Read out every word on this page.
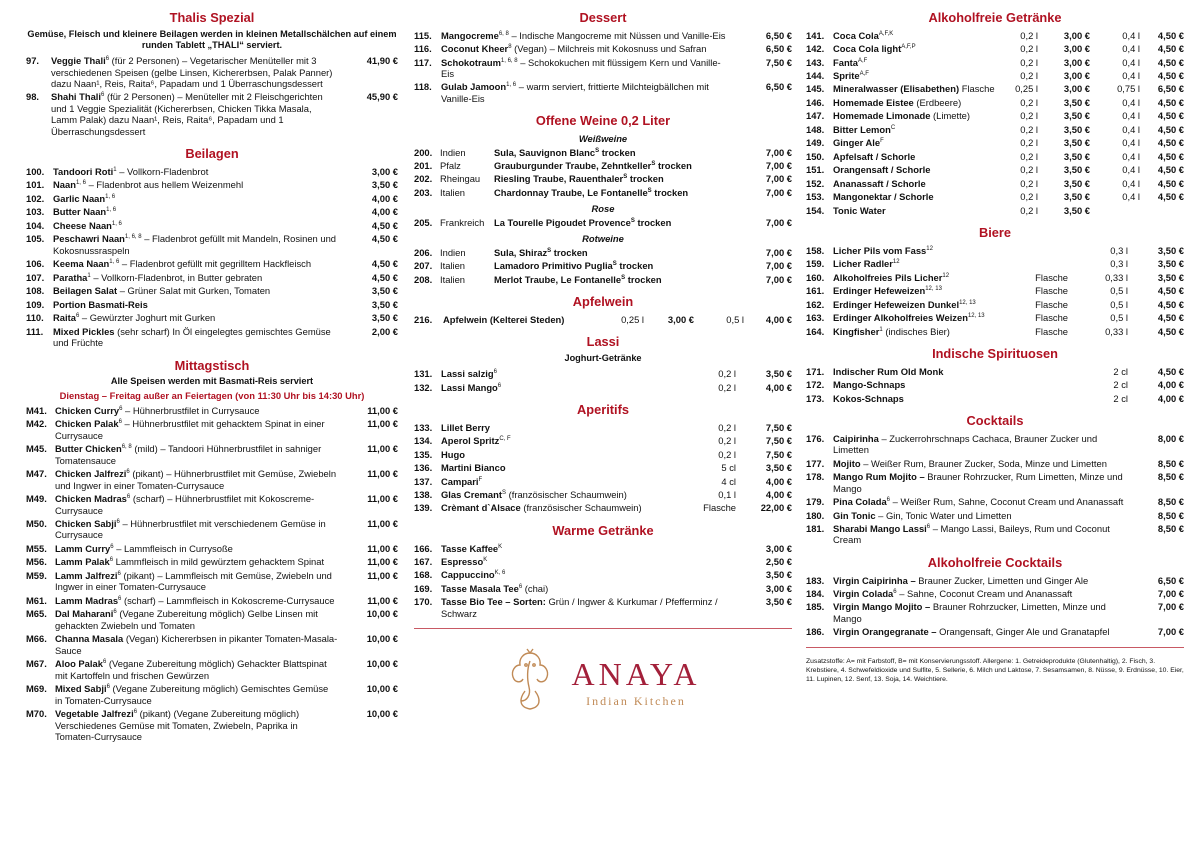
Thalis Spezial
Gemüse, Fleisch und kleinere Beilagen werden in kleinen Metallschälchen auf einem runden Tablett „THALI“ serviert.
97.	Veggie Thali$^6$ (für 2 Personen) – Vegetarischer Menüteller mit 3 verschiedenen Speisen (gelbe Linsen, Kichererbsen, Palak Panner) dazu Naan¹, Reis, Raita⁶, Papadam und 1 Überraschungsdessert
41,90 €
98.	Shahi Thali$^6$ (für 2 Personen) – Menüteller mit 2 Fleischgerichten und 1 Veggie Spezialität (Kichererbsen, Chicken Tikka Masala, Lamm Palak) dazu Naan¹, Reis, Raita⁶, Papadam und 1 Überraschungsdessert
45,90 €
Beilagen
100. Tandoori Roti$^1$ – Vollkorn-Fladenbrot	3,00 €
101. Naan$^{1, 6}$ – Fladenbrot aus hellem Weizenmehl	3,50 €
102. Garlic Naan$^{1, 6}$	4,00 €
103. Butter Naan$^{1, 6}$	4,00 €
104. Cheese Naan$^{1, 6}$	4,50 €
105. Peschawri Naan$^{1, 6, 8}$ – Fladenbrot gefüllt mit Mandeln, Rosinen und Kokosnussraspeln
4,50 €
106. Keema Naan$^{1, 6}$ – Fladenbrot gefüllt mit gegrilltem Hackfleisch	4,50 €
107. Paratha$^1$ – Vollkorn-Fladenbrot, in Butter gebraten	4,50 €
108. Beilagen Salat – Grüner Salat mit Gurken, Tomaten	3,50 €
109. Portion Basmati-Reis	3,50 €
110. Raita$^6$ – Gewürzter Joghurt mit Gurken	3,50 €
111.	Mixed Pickles (sehr scharf) In Öl eingelegtes gemischtes Gemüse und Früchte
2,00 €
Mittagstisch
Alle Speisen werden mit Basmati-Reis serviert
Dienstag – Freitag außer an Feiertagen (von 11:30 Uhr bis 14:30 Uhr)
M41. Chicken Curry$^6$ – Hühnerbrustfilet in Currysauce	11,00 €
M42. Chicken Palak$^6$ – Hühnerbrustfilet mit gehacktem Spinat in einer Currysauce
11,00 €
M45. Butter Chicken$^{6, 8}$ (mild) – Tandoori Hühnerbrustfilet in sahniger Tomatensauce
11,00 €
M47. Chicken Jalfrezi$^6$ (pikant) – Hühnerbrustfilet mit Gemüse, Zwiebeln und Ingwer in einer Tomaten-Currysauce
11,00 €
M49. Chicken Madras$^6$ (scharf) – Hühnerbrustfilet mit Kokoscreme-Currysauce
11,00 €
M50. Chicken Sabji$^6$ – Hühnerbrustfilet mit verschiedenem Gemüse in Currysauce
11,00 €
M55. Lamm Curry$^6$ – Lammfleisch in Currysoße	11,00 €
M56. Lamm Palak$^6$ Lammfleisch in mild gewürztem gehacktem Spinat	11,00 €
M59. Lamm Jalfrezi$^6$ (pikant) – Lammfleisch mit Gemüse, Zwiebeln und Ingwer in einer Tomaten-Currysauce
11,00 €
M61. Lamm Madras$^6$ (scharf) – Lammfleisch in Kokoscreme-Currysauce	11,00 €
M65. Dal Maharani$^6$ (Vegane Zubereitung möglich) Gelbe Linsen mit gehackten Zwiebeln und Tomaten
10,00 €
M66. Channa Masala (Vegan) Kichererbsen in pikanter Tomaten-Masala-Sauce
10,00 €
M67. Aloo Palak$^6$ (Vegane Zubereitung möglich) Gehackter Blattspinat mit Kartoffeln und frischen Gewürzen
10,00 €
M69. Mixed Sabji$^6$ (Vegane Zubereitung möglich) Gemischtes Gemüse in Tomaten-Currysauce
10,00 €
M70. Vegetable Jalfrezi$^6$ (pikant) (Vegane Zubereitung möglich) Verschiedenes Gemüse mit Tomaten, Zwiebeln, Paprika in Tomaten-Currysauce
10,00 €
Dessert
115. Mangocreme$^{6, 8}$ – Indische Mangocreme mit Nüssen und Vanille-Eis	6,50 €
116. Coconut Kheer$^8$ (Vegan) – Milchreis mit Kokosnuss und Safran	6,50 €
117. Schokotraum$^{1, 6, 8}$ – Schokokuchen mit flüssigem Kern und Vanille-Eis
7,50 €
118. Gulab Jamoon$^{1, 6}$ – warm serviert, frittierte Milchteigbällchen mit Vanille-Eis
6,50 €
Offene Weine 0,2 Liter
Weißweine
200. Indien	Sula, Sauvignon Blanc$^S$ trocken	7,00 €
201. Pfalz	Grauburgunder Traube, Zehntkeller$^S$ trocken	7,00 €
202. Rheingau	Riesling Traube, Rauenthaler$^S$ trocken	7,00 €
203. Italien	Chardonnay Traube, Le Fontanelle$^S$ trocken	7,00 €
Rose
205. Frankreich	La Tourelle Pigoudet Provence$^S$ trocken	7,00 €
Rotweine
206. Indien	Sula, Shiraz$^S$ trocken	7,00 €
207. Italien	Lamadoro Primitivo Puglia$^S$ trocken	7,00 €
208. Italien	Merlot Traube, Le Fontanelle$^S$ trocken	7,00 €
Apfelwein
216.	Apfelwein (Kelterei Steden)	0,25 l	3,00 €	0,5 l	4,00 €
Lassi
Joghurt-Getränke
131. Lassi salzig$^6$	0,2 l	3,50 €
132. Lassi Mango$^6$	0,2 l	4,00 €
Aperitifs
133. Lillet Berry	0,2 l	7,50 €
134. Aperol Spritz$^{C, F}$	0,2 l	7,50 €
135. Hugo	0,2 l	7,50 €
136. Martini Bianco	5 cl	3,50 €
137. Campari$^F$	4 cl	4,00 €
138. Glas Cremant$^S$ (französischer Schaumwein)	0,1 l	4,00 €
139. Crèmant d`Alsace (französischer Schaumwein)	Flasche	22,00 €
Warme Getränke
166. Tasse Kaffee$^K$	3,00 €
167. Espresso$^K$	2,50 €
168. Cappuccino$^{K, 6}$	3,50 €
169. Tasse Masala Tee$^6$ (chai)	3,00 €
170. Tasse Bio Tee – Sorten: Grün / Ingwer & Kurkumar / Pfefferminz / Schwarz
3,50 €
ANAYA
Indian Kitchen
Alkoholfreie Getränke
141. Coca Cola$^{A,F,K}$	0,2 l	3,00 €	0,4 l	4,50 €
142. Coca Cola light$^{A,F,P}$	0,2 l	3,00 €	0,4 l	4,50 €
143. Fanta$^{A,F}$	0,2 l	3,00 €	0,4 l	4,50 €
144. Sprite$^{A,F}$	0,2 l	3,00 €	0,4 l	4,50 €
145. Mineralwasser (Elisabethen) Flasche	0,25 l	3,00 €	0,75 l	6,50 €
146. Homemade Eistee (Erdbeere)	0,2 l	3,50 €	0,4 l	4,50 €
147. Homemade Limonade (Limette)	0,2 l	3,50 €	0,4 l	4,50 €
148. Bitter Lemon$^C$	0,2 l	3,50 €	0,4 l	4,50 €
149. Ginger Ale$^F$	0,2 l	3,50 €	0,4 l	4,50 €
150. Apfelsaft / Schorle	0,2 l	3,50 €	0,4 l	4,50 €
151. Orangensaft / Schorle	0,2 l	3,50 €	0,4 l	4,50 €
152. Ananassaft / Schorle	0,2 l	3,50 €	0,4 l	4,50 €
153. Mangonektar / Schorle	0,2 l	3,50 €	0,4 l	4,50 €
154. Tonic Water	0,2 l	3,50 €
Biere
158. Licher Pils vom Fass$^{12}$	0,3 l	3,50 €
159. Licher Radler$^{12}$	0,3 l	3,50 €
160. Alkoholfreies Pils Licher$^{12}$	Flasche	0,33 l	3,50 €
161. Erdinger Hefeweizen$^{12, 13}$	Flasche	0,5 l	4,50 €
162. Erdinger Hefeweizen Dunkel$^{12, 13}$	Flasche	0,5 l	4,50 €
163. Erdinger Alkoholfreies Weizen$^{12, 13}$	Flasche	0,5 l	4,50 €
164. Kingfisher$^1$ (indisches Bier)	Flasche	0,33 l	4,50 €
Indische Spirituosen
171. Indischer Rum Old Monk	2 cl	4,50 €
172. Mango-Schnaps	2 cl	4,00 €
173. Kokos-Schnaps	2 cl	4,00 €
Cocktails
176. Caipirinha – Zuckerrohrschnaps Cachaca, Brauner Zucker und Limetten
8,00 €
177. Mojito – Weißer Rum, Brauner Zucker, Soda, Minze und Limetten	8,50 €
178. Mango Rum Mojito – Brauner Rohrzucker, Rum Limetten, Minze und Mango
8,50 €
179. Pina Colada$^6$ – Weißer Rum, Sahne, Coconut Cream und Ananassaft	8,50 €
180. Gin Tonic – Gin, Tonic Water und Limetten	8,50 €
181. Sharabi Mango Lassi$^6$ – Mango Lassi, Baileys, Rum und Coconut Cream
8,50 €
Alkoholfreie Cocktails
183. Virgin Caipirinha – Brauner Zucker, Limetten und Ginger Ale	6,50 €
184. Virgin Colada$^6$ – Sahne, Coconut Cream und Ananassaft	7,00 €
185. Virgin Mango Mojito – Brauner Rohrzucker, Limetten, Minze und Mango
7,00 €
186. Virgin Orangegranate – Orangensaft, Ginger Ale und Granatapfel	7,00 €
Zusatzstoffe: A= mit Farbstoff, B= mit Konservierungsstoff. Allergene: 1. Getreideprodukte (Glutenhaltig), 2. Fisch, 3. Krebstiere, 4. Schwefeldioxide und Sulfite, 5. Sellerie, 6. Milch und Laktose, 7. Sesamsamen, 8. Nüsse, 9. Erdnüsse, 10. Eier, 11. Lupinen, 12. Senf, 13. Soja, 14. Weichtiere.
